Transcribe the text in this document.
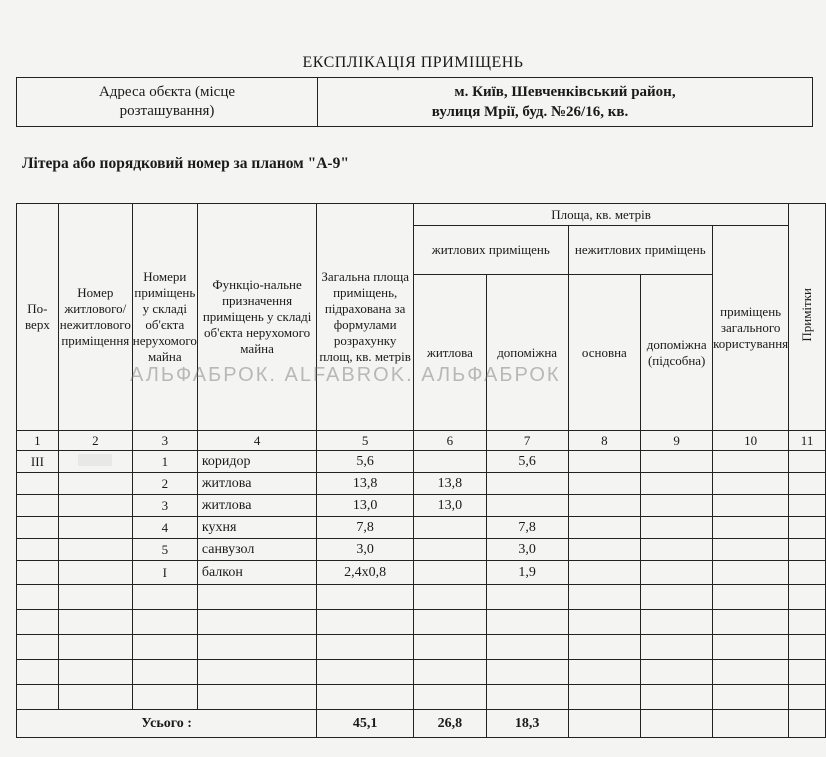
ЕКСПЛІКАЦІЯ ПРИМІЩЕНЬ
Адреса обєкта (місце
розташування)
м. Київ, Шевченківський район,
вулиця Мрії, буд. №26/16, кв.
Літера або порядковий номер за планом "А-9"
По-верх	Номер житлового/ нежитлового приміщення	Номери приміщень у складі об'єкта нерухомого майна	Функціо-нальне призначення приміщень у складі об'єкта нерухомого майна	Загальна площа приміщень, підрахована за формулами розрахунку площ, кв. метрів	Площа, кв. метрів					Примітки
					житлових приміщень		нежитлових приміщень		приміщень загального користування	
					житлова	допоміжна	основна	допоміжна (підсобна)		
1	2	3	4	5	6	7	8	9	10	11
III		1	коридор	5,6		5,6				
		2	житлова	13,8	13,8					
		3	житлова	13,0	13,0					
		4	кухня	7,8		7,8				
		5	санвузол	3,0		3,0				
		I	балкон	2,4х0,8		1,9				

Усього :				45,1	26,8	18,3				
АЛЬФАБРОК. ALFABROK. АЛЬФАБРОК
